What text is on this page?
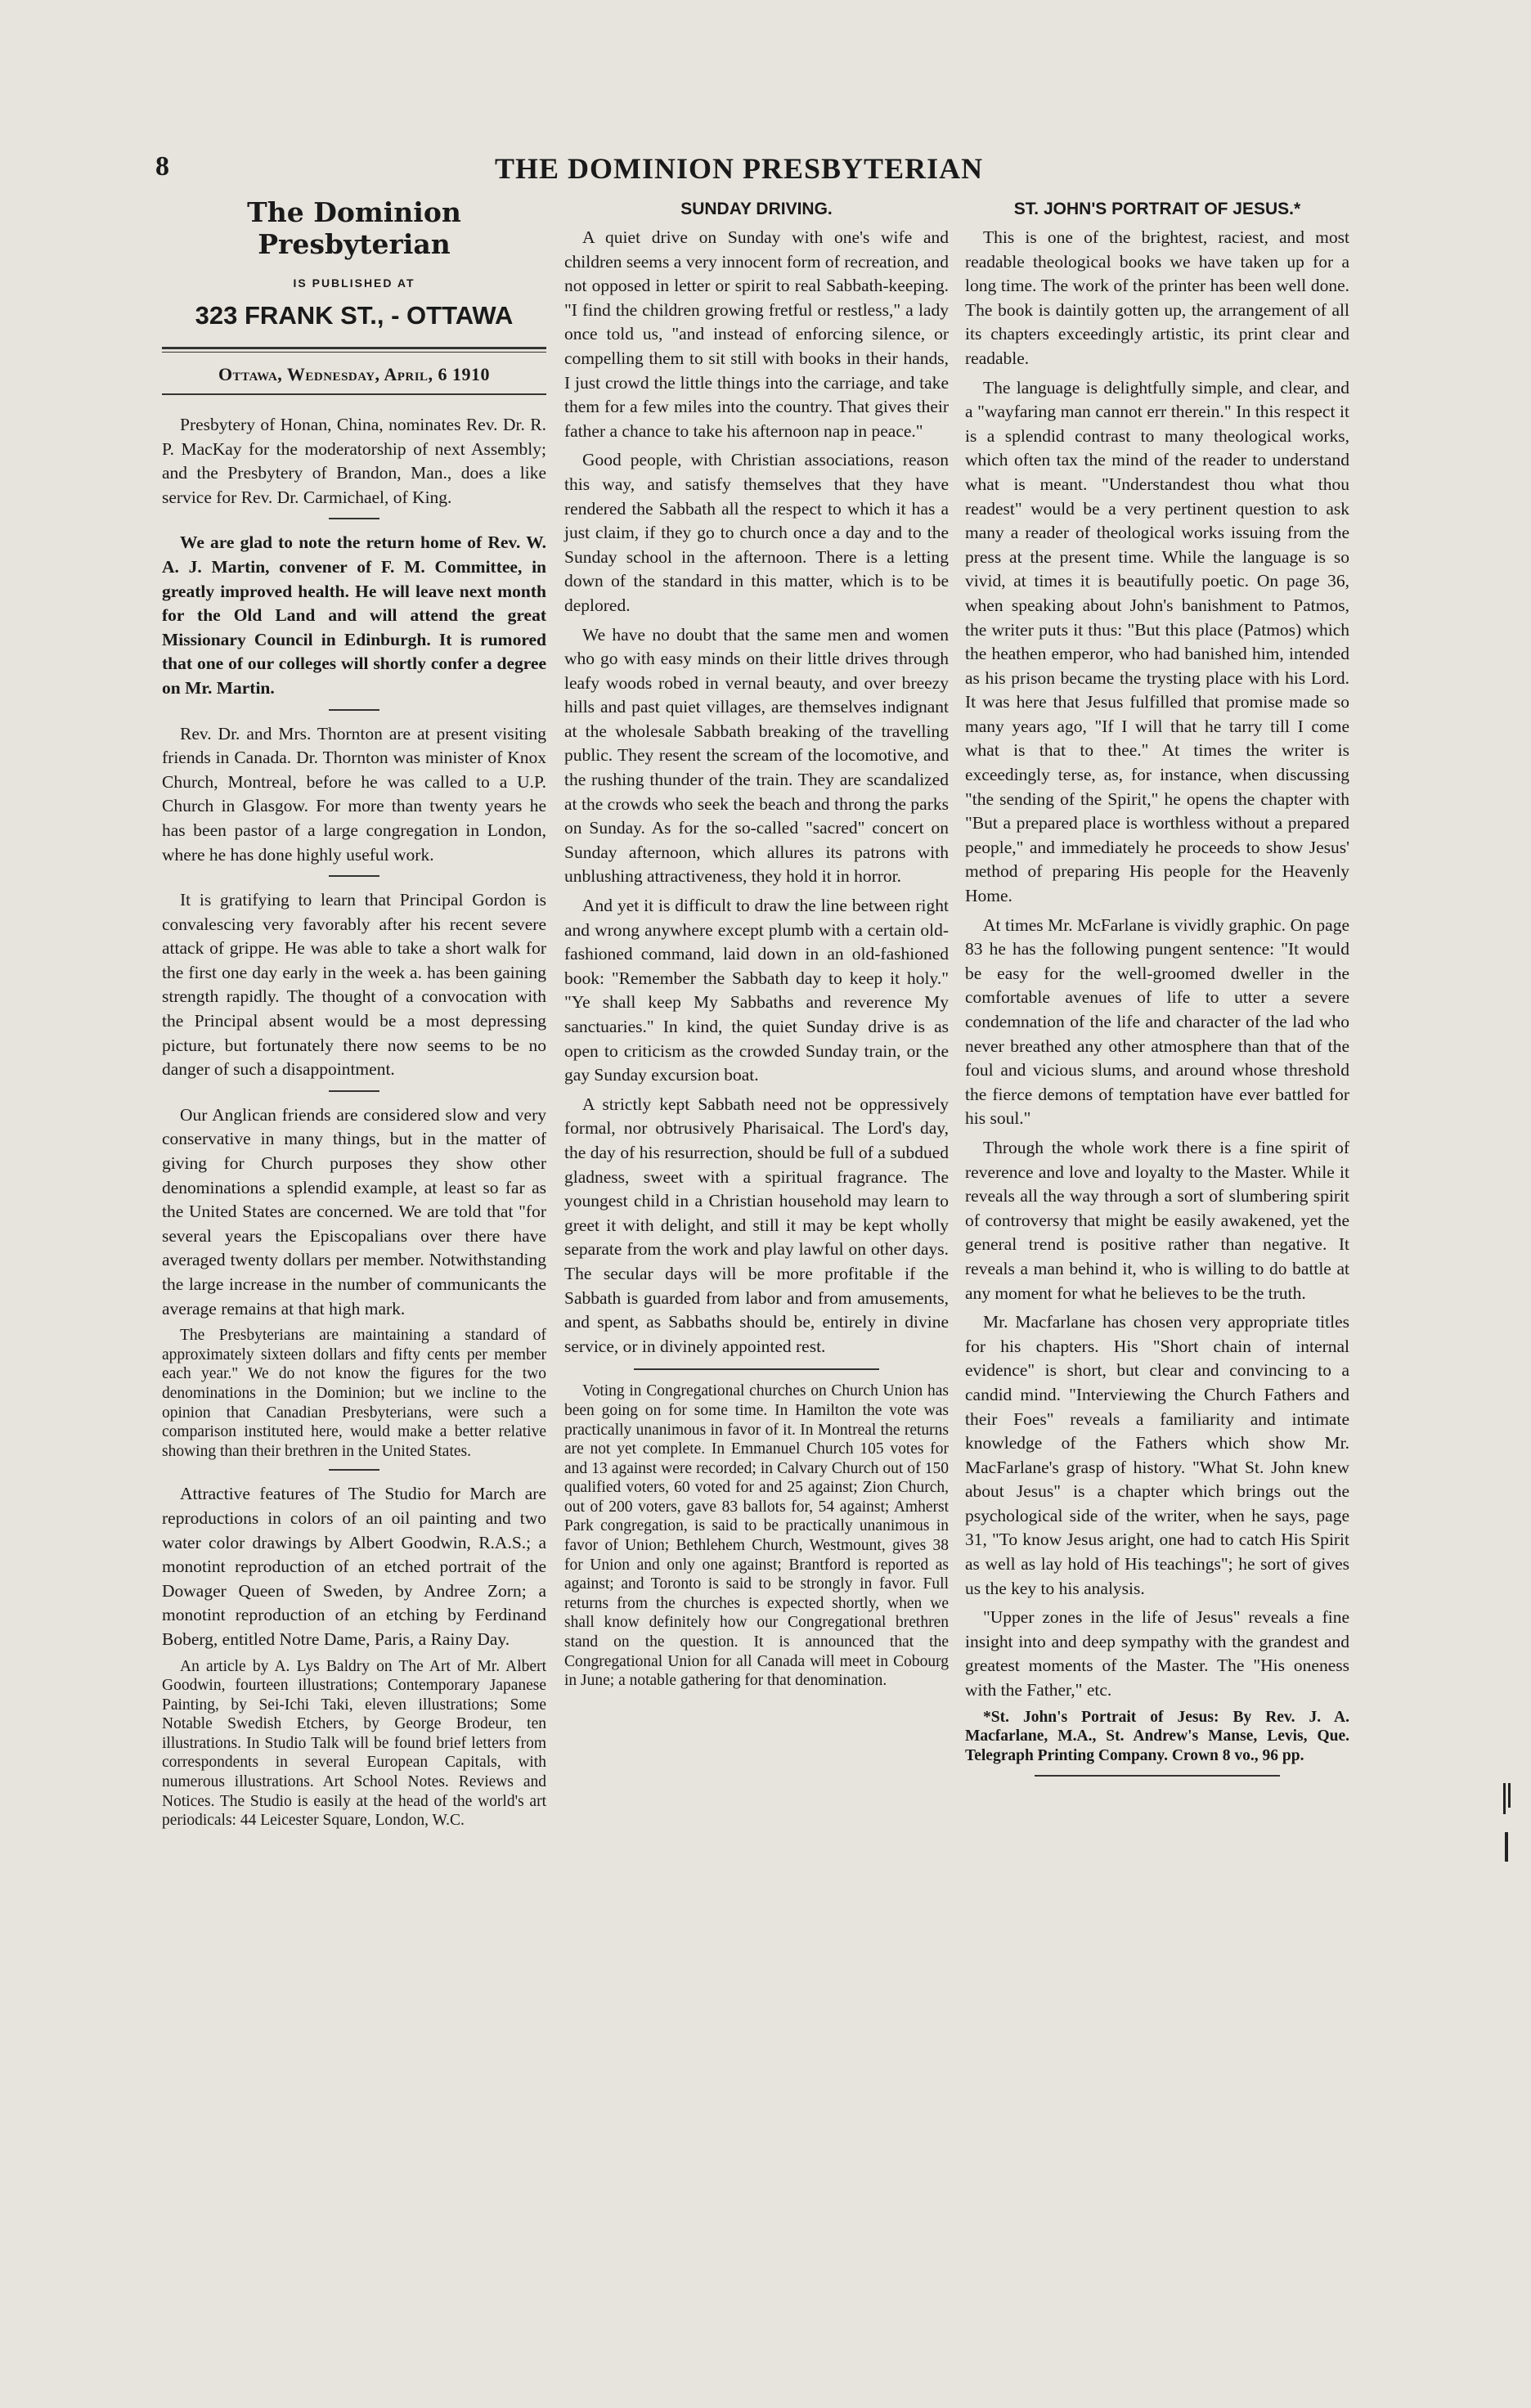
8	THE DOMINION PRESBYTERIAN
The Dominion Presbyterian
IS PUBLISHED AT
323 FRANK ST., - OTTAWA
Ottawa, Wednesday, April, 6 1910

Presbytery of Honan, China, nominates Rev. Dr. R. P. MacKay for the moderatorship of next Assembly; and the Presbytery of Brandon, Man., does a like service for Rev. Dr. Carmichael, of King.

We are glad to note the return home of Rev. W. A. J. Martin, convener of F. M. Committee, in greatly improved health. He will leave next month for the Old Land and will attend the great Missionary Council in Edinburgh. It is rumored that one of our colleges will shortly confer a degree on Mr. Martin.

Rev. Dr. and Mrs. Thornton are at present visiting friends in Canada. Dr. Thornton was minister of Knox Church, Montreal, before he was called to a U.P. Church in Glasgow. For more than twenty years he has been pastor of a large congregation in London, where he has done highly useful work.

It is gratifying to learn that Principal Gordon is convalescing very favorably after his recent severe attack of grippe. He was able to take a short walk for the first one day early in the week a. has been gaining strength rapidly. The thought of a convocation with the Principal absent would be a most depressing picture, but fortunately there now seems to be no danger of such a disappointment.

Our Anglican friends are considered slow and very conservative in many things, but in the matter of giving for Church purposes they show other denominations a splendid example, at least so far as the United States are concerned. We are told that "for several years the Episcopalians over there have averaged twenty dollars per member. Notwithstanding the large increase in the number of communicants the average remains at that high mark.

The Presbyterians are maintaining a standard of approximately sixteen dollars and fifty cents per member each year." We do not know the figures for the two denominations in the Dominion; but we incline to the opinion that Canadian Presbyterians, were such a comparison instituted here, would make a better relative showing than their brethren in the United States.

Attractive features of The Studio for March are reproductions in colors of an oil painting and two water color drawings by Albert Goodwin, R.A.S.; a monotint reproduction of an etched portrait of the Dowager Queen of Sweden, by Andree Zorn; a monotint reproduction of an etching by Ferdinand Boberg, entitled Notre Dame, Paris, a Rainy Day.

An article by A. Lys Baldry on The Art of Mr. Albert Goodwin, fourteen illustrations; Contemporary Japanese Painting, by Sei-Ichi Taki, eleven illustrations; Some Notable Swedish Etchers, by George Brodeur, ten illustrations. In Studio Talk will be found brief letters from correspondents in several European Capitals, with numerous illustrations. Art School Notes. Reviews and Notices. The Studio is easily at the head of the world's art periodicals: 44 Leicester Square, London, W.C.

SUNDAY DRIVING.

A quiet drive on Sunday with one's wife and children seems a very innocent form of recreation, and not opposed in letter or spirit to real Sabbath-keeping. "I find the children growing fretful or restless," a lady once told us, "and instead of enforcing silence, or compelling them to sit still with books in their hands, I just crowd the little things into the carriage, and take them for a few miles into the country. That gives their father a chance to take his afternoon nap in peace."

Good people, with Christian associations, reason this way, and satisfy themselves that they have rendered the Sabbath all the respect to which it has a just claim, if they go to church once a day and to the Sunday school in the afternoon. There is a letting down of the standard in this matter, which is to be deplored.

We have no doubt that the same men and women who go with easy minds on their little drives through leafy woods robed in vernal beauty, and over breezy hills and past quiet villages, are themselves indignant at the wholesale Sabbath breaking of the travelling public. They resent the scream of the locomotive, and the rushing thunder of the train. They are scandalized at the crowds who seek the beach and throng the parks on Sunday. As for the so-called "sacred" concert on Sunday afternoon, which allures its patrons with unblushing attractiveness, they hold it in horror.

And yet it is difficult to draw the line between right and wrong anywhere except plumb with a certain old-fashioned command, laid down in an old-fashioned book: "Remember the Sabbath day to keep it holy." "Ye shall keep My Sabbaths and reverence My sanctuaries." In kind, the quiet Sunday drive is as open to criticism as the crowded Sunday train, or the gay Sunday excursion boat.

A strictly kept Sabbath need not be oppressively formal, nor obtrusively Pharisaical. The Lord's day, the day of his resurrection, should be full of a subdued gladness, sweet with a spiritual fragrance. The youngest child in a Christian household may learn to greet it with delight, and still it may be kept wholly separate from the work and play lawful on other days. The secular days will be more profitable if the Sabbath is guarded from labor and from amusements, and spent, as Sabbaths should be, entirely in divine service, or in divinely appointed rest.

Voting in Congregational churches on Church Union has been going on for some time. In Hamilton the vote was practically unanimous in favor of it. In Montreal the returns are not yet complete. In Emmanuel Church 105 votes for and 13 against were recorded; in Calvary Church out of 150 qualified voters, 60 voted for and 25 against; Zion Church, out of 200 voters, gave 83 ballots for, 54 against; Amherst Park congregation, is said to be practically unanimous in favor of Union; Bethlehem Church, Westmount, gives 38 for Union and only one against; Brantford is reported as against; and Toronto is said to be strongly in favor. Full returns from the churches is expected shortly, when we shall know definitely how our Congregational brethren stand on the question. It is announced that the Congregational Union for all Canada will meet in Cobourg in June; a notable gathering for that denomination.

ST. JOHN'S PORTRAIT OF JESUS.*

This is one of the brightest, raciest, and most readable theological books we have taken up for a long time. The work of the printer has been well done. The book is daintily gotten up, the arrangement of all its chapters exceedingly artistic, its print clear and readable.

The language is delightfully simple, and clear, and a "wayfaring man cannot err therein." In this respect it is a splendid contrast to many theological works, which often tax the mind of the reader to understand what is meant. "Understandest thou what thou readest" would be a very pertinent question to ask many a reader of theological works issuing from the press at the present time. While the language is so vivid, at times it is beautifully poetic. On page 36, when speaking about John's banishment to Patmos, the writer puts it thus: "But this place (Patmos) which the heathen emperor, who had banished him, intended as his prison became the trysting place with his Lord. It was here that Jesus fulfilled that promise made so many years ago, "If I will that he tarry till I come what is that to thee." At times the writer is exceedingly terse, as, for instance, when discussing "the sending of the Spirit," he opens the chapter with "But a prepared place is worthless without a prepared people," and immediately he proceeds to show Jesus' method of preparing His people for the Heavenly Home.

At times Mr. McFarlane is vividly graphic. On page 83 he has the following pungent sentence: "It would be easy for the well-groomed dweller in the comfortable avenues of life to utter a severe condemnation of the life and character of the lad who never breathed any other atmosphere than that of the foul and vicious slums, and around whose threshold the fierce demons of temptation have ever battled for his soul."

Through the whole work there is a fine spirit of reverence and love and loyalty to the Master. While it reveals all the way through a sort of slumbering spirit of controversy that might be easily awakened, yet the general trend is positive rather than negative. It reveals a man behind it, who is willing to do battle at any moment for what he believes to be the truth.

Mr. Macfarlane has chosen very appropriate titles for his chapters. His "Short chain of internal evidence" is short, but clear and convincing to a candid mind. "Interviewing the Church Fathers and their Foes" reveals a familiarity and intimate knowledge of the Fathers which show Mr. MacFarlane's grasp of history. "What St. John knew about Jesus" is a chapter which brings out the psychological side of the writer, when he says, page 31, "To know Jesus aright, one had to catch His Spirit as well as lay hold of His teachings"; he sort of gives us the key to his analysis.

"Upper zones in the life of Jesus" reveals a fine insight into and deep sympathy with the grandest and greatest moments of the Master. The "His oneness with the Father," etc.

*St. John's Portrait of Jesus: By Rev. J. A. Macfarlane, M.A., St. Andrew's Manse, Levis, Que. Telegraph Printing Company. Crown 8 vo., 96 pp.
